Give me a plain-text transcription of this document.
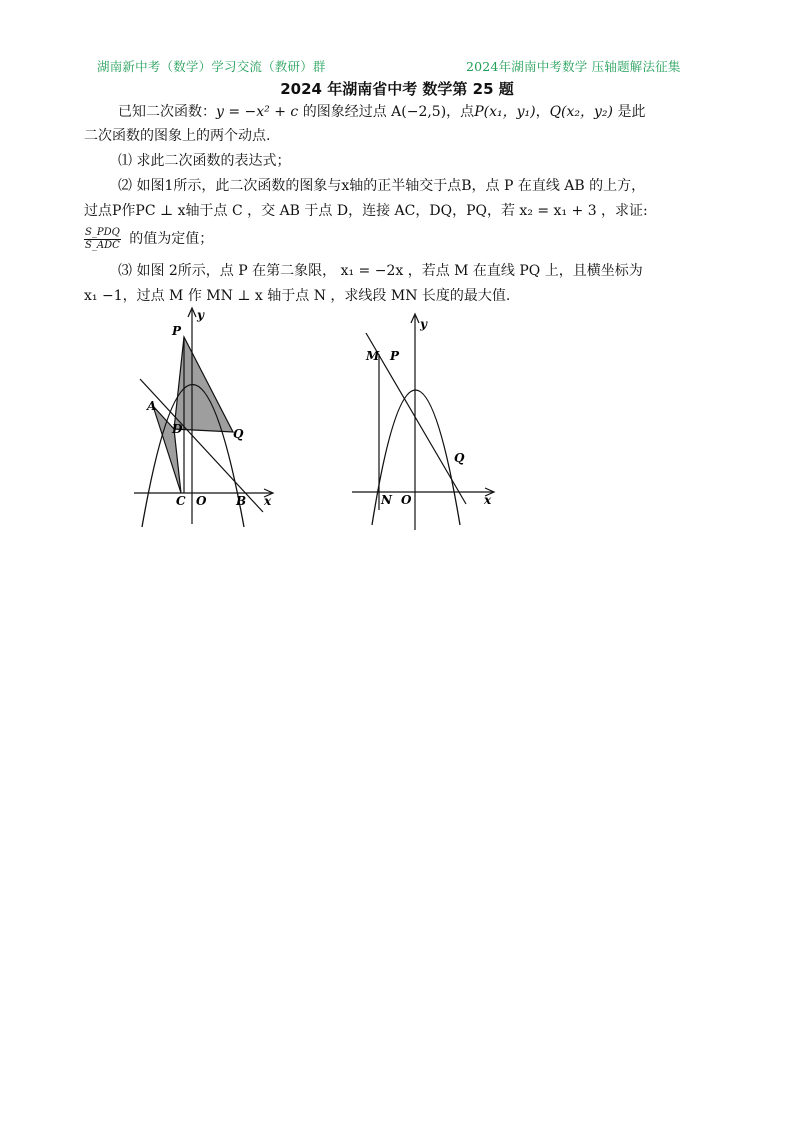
湖南新中考（数学）学习交流（教研）群	2024年湖南中考数学 压轴题解法征集
2024 年湖南省中考 数学第 25 题
已知二次函数：y = −x² + c 的图象经过点 A(−2,5)，点P(x₁，y₁)，Q(x₂，y₂) 是此
二次函数的图象上的两个动点.
⑴ 求此二次函数的表达式；
⑵ 如图1所示，此二次函数的图象与x轴的正半轴交于点B，点 P 在直线 AB 的上方，
过点P作PC ⊥ x轴于点 C ，交 AB 于点 D，连接 AC，DQ，PQ，若 x₂ = x₁ + 3 ，求证:
$\frac{\text{S\_PDQ}}{\text{S\_ADC}}$ 的值为定值；
⑶ 如图 2所示，点 P 在第二象限， x₁ = −2x ，若点 M 在直线 PQ 上，且横坐标为
x₁ −1，过点 M 作 MN ⊥ x 轴于点 N ，求线段 MN 长度的最大值.
y
P
A
D	Q
C O B x
y
M P
Q
N O	x
